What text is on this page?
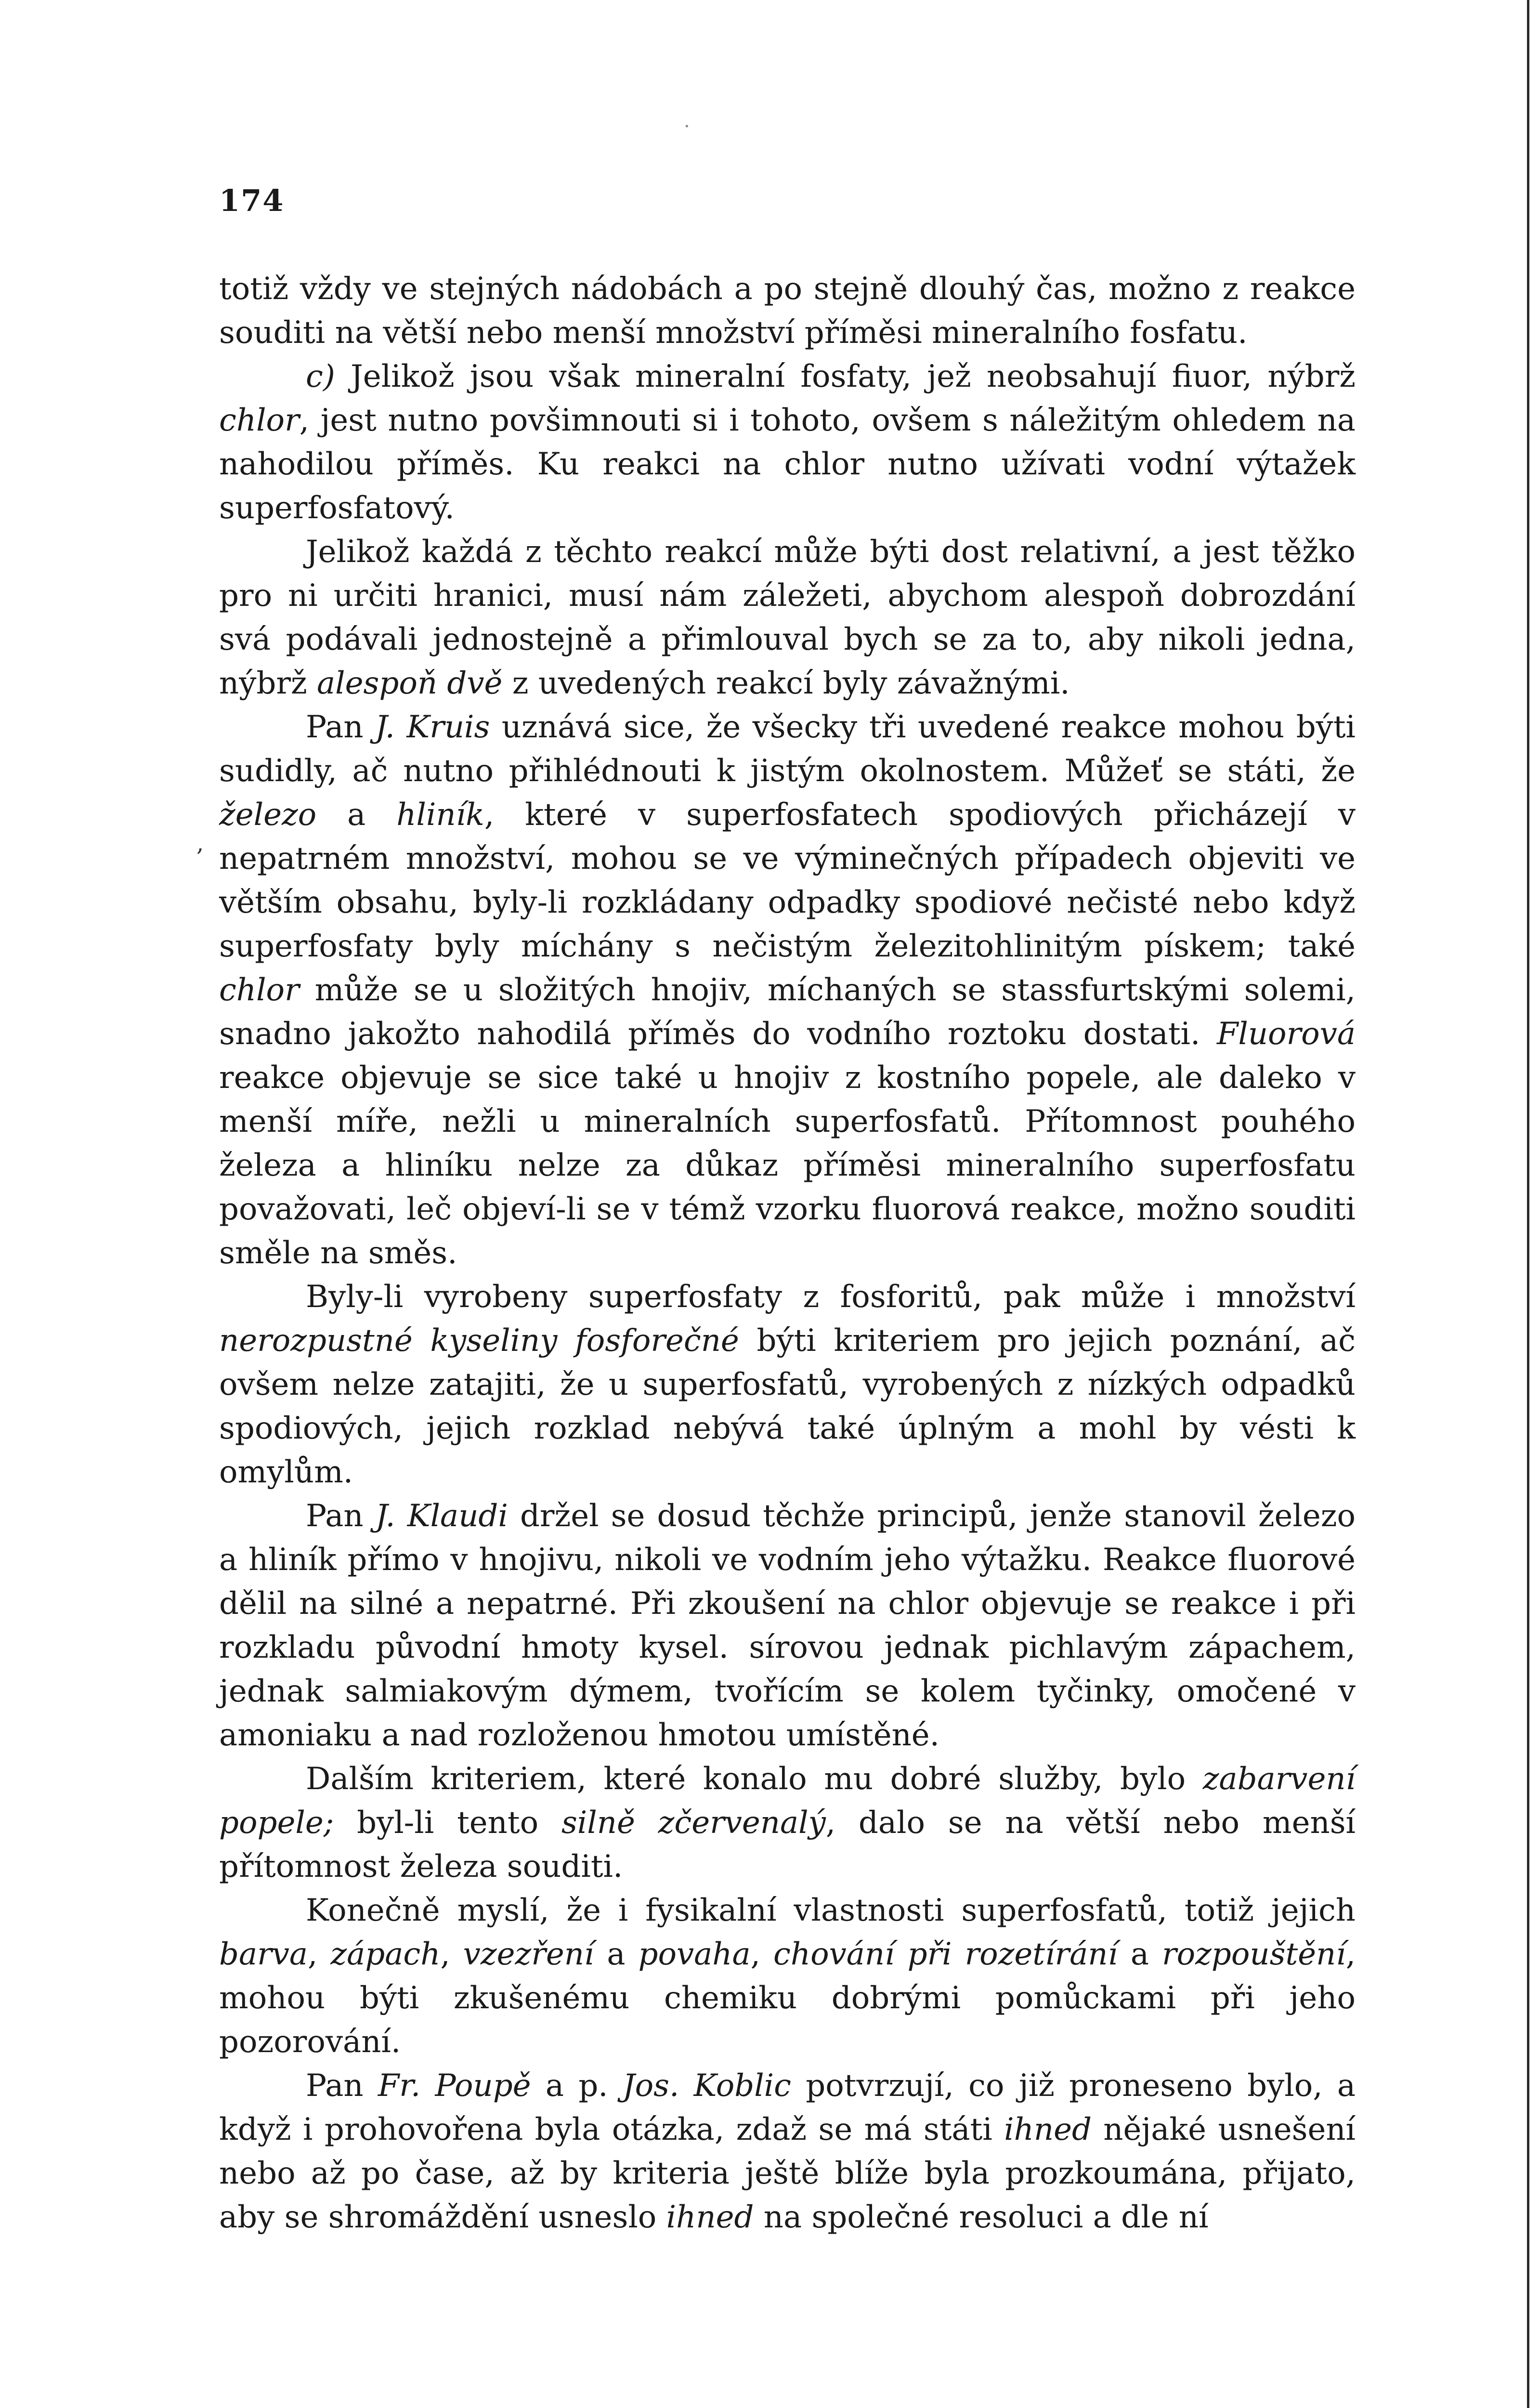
·
174
,

totiž vždy ve stejných nádobách a po stejně dlouhý čas, možno z reakce souditi na větší nebo menší množství příměsi mineralního fosfatu.

c) Jelikož jsou však mineralní fosfaty, jež neobsahují fiuor, nýbrž chlor, jest nutno povšimnouti si i tohoto, ovšem s náležitým ohledem na nahodilou příměs. Ku reakci na chlor nutno užívati vodní výtažek superfosfatový.

Jelikož každá z těchto reakcí může býti dost relativní, a jest těžko pro ni určiti hranici, musí nám záležeti, abychom alespoň dobrozdání svá podávali jednostejně a přimlouval bych se za to, aby nikoli jedna, nýbrž alespoň dvě z uvedených reakcí byly závažnými.

Pan J. Kruis uznává sice, že všecky tři uvedené reakce mohou býti sudidly, ač nutno přihlédnouti k jistým okolnostem. Můžeť se státi, že železo a hliník, které v superfosfatech spodiových přicházejí v nepatrném množství, mohou se ve výminečných případech objeviti ve větším obsahu, byly-li rozkládany odpadky spodiové nečisté nebo když superfosfaty byly míchány s nečistým železitohlinitým pískem; také chlor může se u složitých hnojiv, míchaných se stassfurtskými solemi, snadno jakožto nahodilá příměs do vodního roztoku dostati. Fluorová reakce objevuje se sice také u hnojiv z kostního popele, ale daleko v menší míře, nežli u mineralních superfosfatů. Přítomnost pouhého železa a hliníku nelze za důkaz příměsi mineralního superfosfatu považovati, leč objeví-li se v témž vzorku fluorová reakce, možno souditi směle na směs.

Byly-li vyrobeny superfosfaty z fosforitů, pak může i množství nerozpustné kyseliny fosforečné býti kriteriem pro jejich poznání, ač ovšem nelze zatajiti, že u superfosfatů, vyrobených z nízkých odpadků spodiových, jejich rozklad nebývá také úplným a mohl by vésti k omylům.

Pan J. Klaudi držel se dosud těchže principů, jenže stanovil železo a hliník přímo v hnojivu, nikoli ve vodním jeho výtažku. Reakce fluorové dělil na silné a nepatrné. Při zkoušení na chlor objevuje se reakce i při rozkladu původní hmoty kysel. sírovou jednak pichlavým zápachem, jednak salmiakovým dýmem, tvořícím se kolem tyčinky, omočené v amoniaku a nad rozloženou hmotou umístěné.

Dalším kriteriem, které konalo mu dobré služby, bylo zabarvení popele; byl-li tento silně zčervenalý, dalo se na větší nebo menší přítomnost železa souditi.

Konečně myslí, že i fysikalní vlastnosti superfosfatů, totiž jejich barva, zápach, vzezření a povaha, chování při rozetírání a rozpouštění, mohou býti zkušenému chemiku dobrými pomůckami při jeho pozorování.

Pan Fr. Poupě a p. Jos. Koblic potvrzují, co již proneseno bylo, a když i prohovořena byla otázka, zdaž se má státi ihned nějaké usnešení nebo až po čase, až by kriteria ještě blíže byla prozkoumána, přijato, aby se shromáždění usneslo ihned na společné resoluci a dle ní
